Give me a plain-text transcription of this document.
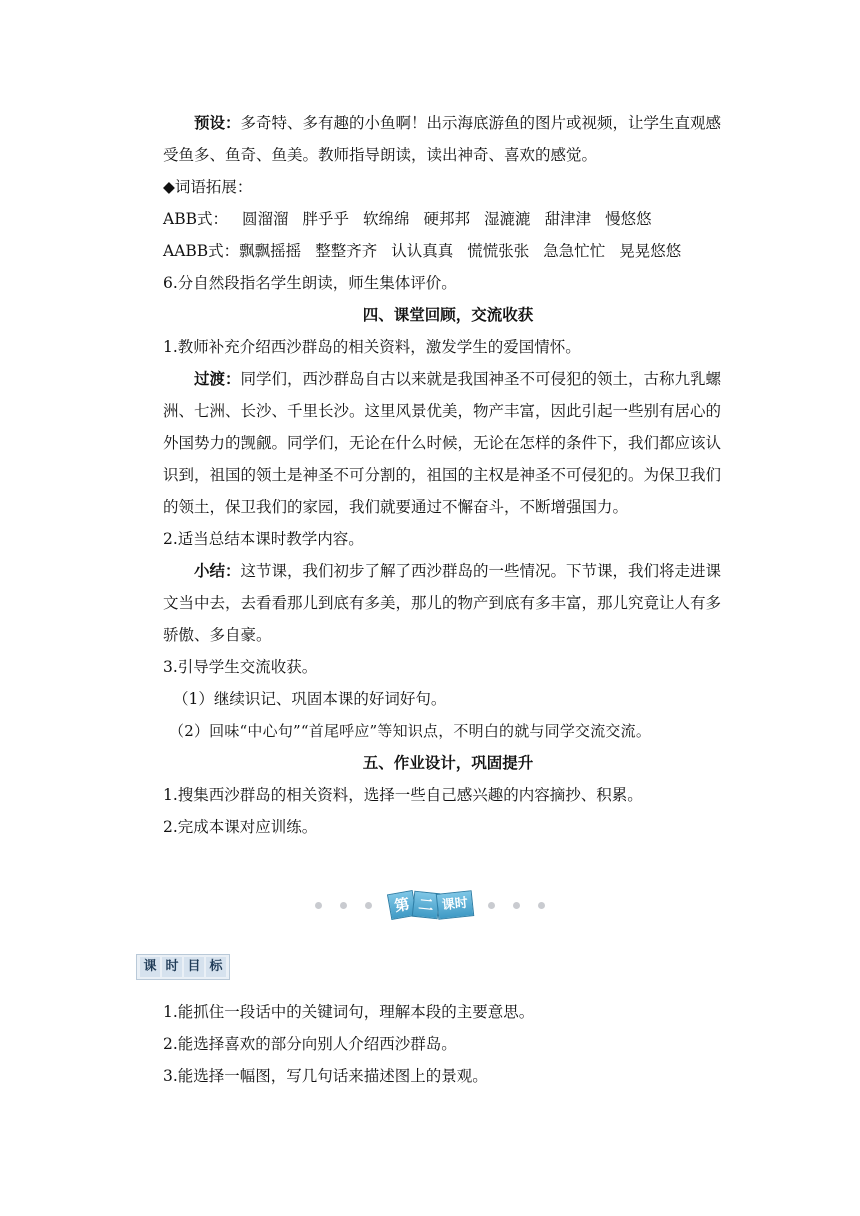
预设：多奇特、多有趣的小鱼啊！出示海底游鱼的图片或视频，让学生直观感受鱼多、鱼奇、鱼美。教师指导朗读，读出神奇、喜欢的感觉。

◆词语拓展：

ABB式： 圆溜溜 胖乎乎 软绵绵 硬邦邦 湿漉漉 甜津津 慢悠悠

AABB式：飘飘摇摇 整整齐齐 认认真真 慌慌张张 急急忙忙 晃晃悠悠

6.分自然段指名学生朗读，师生集体评价。

四、课堂回顾，交流收获

1.教师补充介绍西沙群岛的相关资料，激发学生的爱国情怀。

过渡：同学们，西沙群岛自古以来就是我国神圣不可侵犯的领土，古称九乳螺洲、七洲、长沙、千里长沙。这里风景优美，物产丰富，因此引起一些别有居心的外国势力的觊觎。同学们，无论在什么时候，无论在怎样的条件下，我们都应该认识到，祖国的领土是神圣不可分割的，祖国的主权是神圣不可侵犯的。为保卫我们的领土，保卫我们的家园，我们就要通过不懈奋斗，不断增强国力。

2.适当总结本课时教学内容。

小结：这节课，我们初步了解了西沙群岛的一些情况。下节课，我们将走进课文当中去，去看看那儿到底有多美，那儿的物产到底有多丰富，那儿究竟让人有多骄傲、多自豪。

3.引导学生交流收获。

（1）继续识记、巩固本课的好词好句。

（2）回味“中心句”“首尾呼应”等知识点，不明白的就与同学交流交流。

五、作业设计，巩固提升

1.搜集西沙群岛的相关资料，选择一些自己感兴趣的内容摘抄、积累。

2.完成本课对应训练。

第 二 课时
课 时 目 标

1.能抓住一段话中的关键词句，理解本段的主要意思。

2.能选择喜欢的部分向别人介绍西沙群岛。

3.能选择一幅图，写几句话来描述图上的景观。
